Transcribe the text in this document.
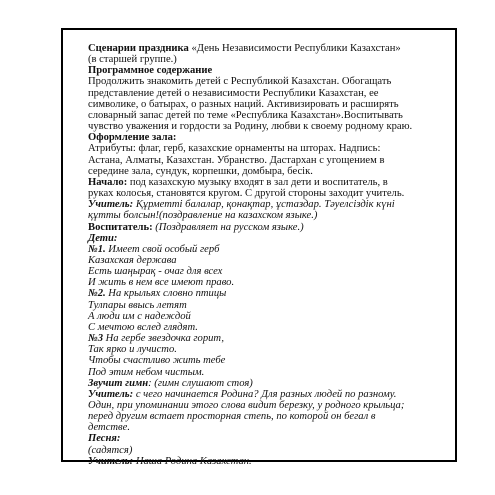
Сценарии праздника «День Независимости Республики Казахстан»
(в старшей группе.)
Программное содержание
Продолжить знакомить детей с Республикой Казахстан. Обогащать
представление детей о независимости Республики Казахстан, ее
символике, о батырах, о разных наций. Активизировать и расширять
словарный запас детей по теме «Республика Казахстан».Воспитывать
чувство уважения и гордости за Родину, любви к своему родному краю.
Оформление зала:
Атрибуты: флаг, герб, казахские орнаменты на шторах. Надпись:
Астана, Алматы, Казахстан. Убранство. Дастархан с угощением в
середине зала, сундук, корпешки, домбыра, бесік.
Начало: под казахскую музыку входят в зал дети и воспитатель, в
руках колосья, становятся кругом. С другой стороны заходит учитель.
Учитель: Құрметті балалар, қонақтар, ұстаздар. Тәуелсіздік күні
құтты болсын!(поздравление на казахском языке.)
Воспитатель: (Поздравляет на русском языке.)
Дети:
№1. Имеет свой особый герб
Казахская держава
Есть шаңырақ - очаг для всех
И жить в нем все имеют право.
№2. На крыльях словно птицы
Тулпары ввысь летят
А люди им с надеждой
С мечтою вслед глядят.
№3 На гербе звездочка горит,
Так ярко и лучисто.
Чтобы счастливо жить тебе
Под этим небом чистым.
Звучит гимн: (гимн слушают стоя)
Учитель: с чего начинается Родина? Для разных людей по разному.
Один, при упоминании этого слова видит березку, у родного крыльца;
перед другим встает просторная степь, по которой он бегал в
детстве.
Песня:
(садятся)
Учитель: Наша Родина Казахстан.
